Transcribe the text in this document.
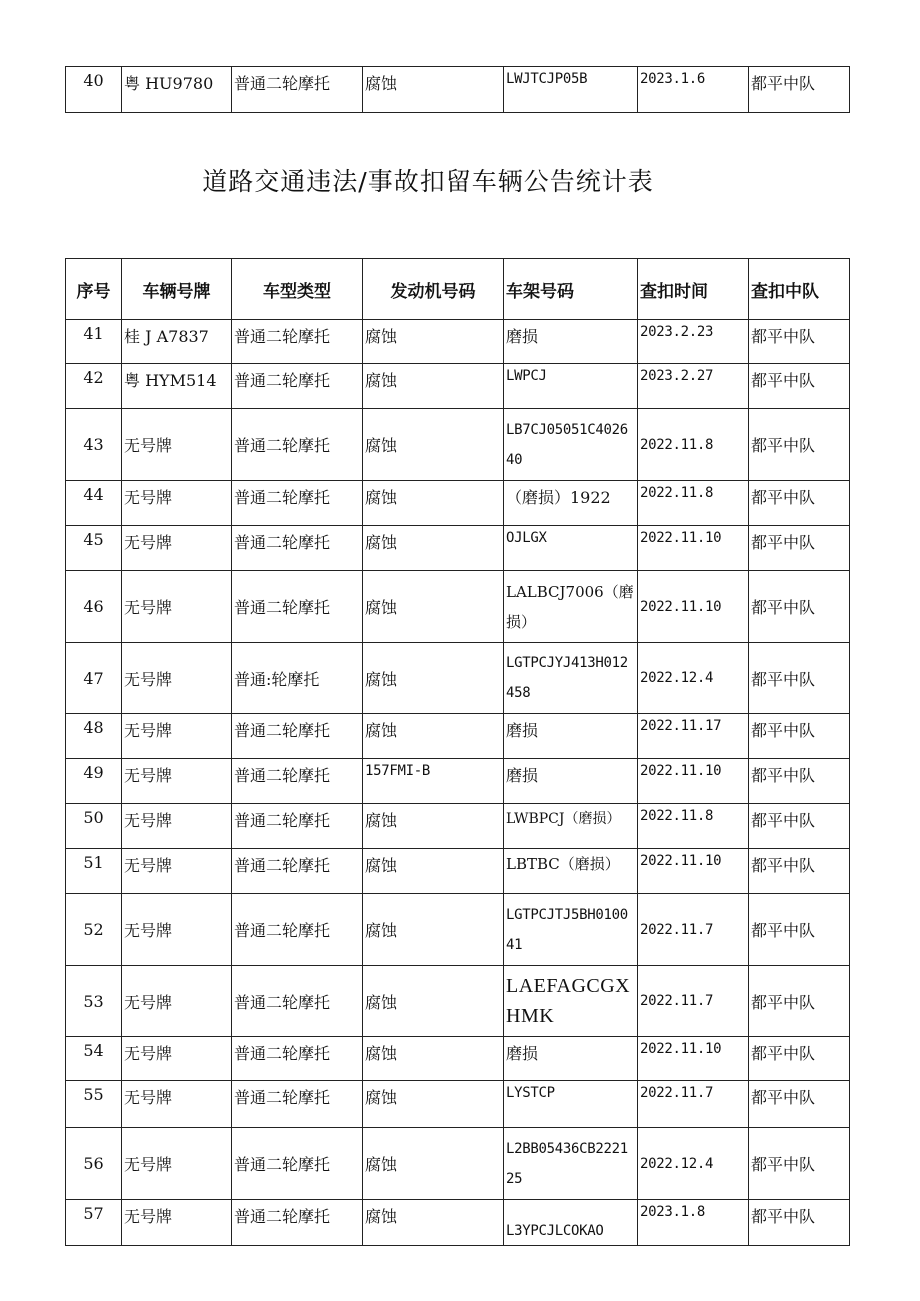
40	粤 HU9780	普通二轮摩托	腐蚀	LWJTCJP05B	2023.1.6	都平中队
道路交通违法/事故扣留车辆公告统计表
序号	车辆号牌	车型类型	发动机号码	车架号码	查扣时间	查扣中队
41	桂 J A7837	普通二轮摩托	腐蚀	磨损	2023.2.23	都平中队
42	粤 HYM514	普通二轮摩托	腐蚀	LWPCJ	2023.2.27	都平中队
43	无号牌	普通二轮摩托	腐蚀	LB7CJ05051C402640	2022.11.8	都平中队
44	无号牌	普通二轮摩托	腐蚀	（磨损）1922	2022.11.8	都平中队
45	无号牌	普通二轮摩托	腐蚀	OJLGX	2022.11.10	都平中队
46	无号牌	普通二轮摩托	腐蚀	LALBCJ7006（磨损）	2022.11.10	都平中队
47	无号牌	普通:轮摩托	腐蚀	LGTPCJYJ413H012458	2022.12.4	都平中队
48	无号牌	普通二轮摩托	腐蚀	磨损	2022.11.17	都平中队
49	无号牌	普通二轮摩托	157FMI-B	磨损	2022.11.10	都平中队
50	无号牌	普通二轮摩托	腐蚀	LWBPCJ（磨损）	2022.11.8	都平中队
51	无号牌	普通二轮摩托	腐蚀	LBTBC（磨损）	2022.11.10	都平中队
52	无号牌	普通二轮摩托	腐蚀	LGTPCJTJ5BH010041	2022.11.7	都平中队
53	无号牌	普通二轮摩托	腐蚀	LAEFAGCGXHMK	2022.11.7	都平中队
54	无号牌	普通二轮摩托	腐蚀	磨损	2022.11.10	都平中队
55	无号牌	普通二轮摩托	腐蚀	LYSTCP	2022.11.7	都平中队
56	无号牌	普通二轮摩托	腐蚀	L2BB05436CB222125	2022.12.4	都平中队
57	无号牌	普通二轮摩托	腐蚀	L3YPCJLCOKAO	2023.1.8	都平中队
